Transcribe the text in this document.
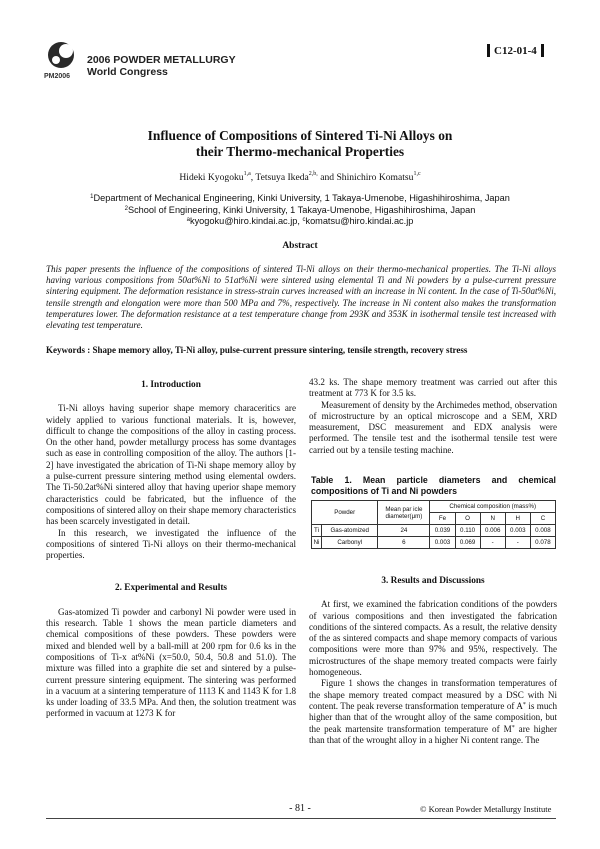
2006 POWDER METALLURGY
World Congress
PM2006
C12-01-4
Influence of Compositions of Sintered Ti-Ni Alloys on
their Thermo-mechanical Properties
Hideki Kyogoku$^{1,a}$, Tetsuya Ikeda$^{2,b,}$ and Shinichiro Komatsu$^{1,c}$
$^1$Department of Mechanical Engineering, Kinki University, 1 Takaya-Umenobe, Higashihiroshima, Japan
$^2$School of Engineering, Kinki University, 1 Takaya-Umenobe, Higashihiroshima, Japan
$^a$kyogoku@hiro.kindai.ac.jp, $^c$komatsu@hiro.kindai.ac.jp
Abstract
This paper presents the influence of the compositions of sintered Ti-Ni alloys on their thermo-mechanical properties. The Ti-Ni alloys having various compositions from 50at%Ni to 51at%Ni were sintered using elemental Ti and Ni powders by a pulse-current pressure sintering equipment. The deformation resistance in stress-strain curves increased with an increase in Ni content. In the case of Ti-50at%Ni, tensile strength and elongation were more than 500 MPa and 7%, respectively. The increase in Ni content also makes the transformation temperatures lower. The deformation resistance at a test temperature change from 293K and 353K in isothermal tensile test increased with elevating test temperature.
Keywords : Shape memory alloy, Ti-Ni alloy, pulse-current pressure sintering, tensile strength, recovery stress
1. Introduction

Ti-Ni alloys having superior shape memory characeritics are widely applied to various functional materials. It is, however, difficult to change the compositions of the alloy in casting process. On the other hand, powder metallurgy process has some dvantages such as ease in controlling composition of the alloy. The authors [1-2] have investigated the abrication of Ti-Ni shape memory alloy by a pulse-current pressure sintering method using elemental owders. The Ti-50.2at%Ni sintered alloy that having uperior shape memory characteristics could be fabricated, but the influence of the compositions of sintered alloy on their shape memory characteristics has been scarcely investigated in detail.

In this research, we investigated the influence of the compositions of sintered Ti-Ni alloys on their thermo-mechanical properties.

2. Experimental and Results

Gas-atomized Ti powder and carbonyl Ni powder were used in this research. Table 1 shows the mean particle diameters and chemical compositions of these powders. These powders were mixed and blended well by a ball-mill at 200 rpm for 0.6 ks in the compositions of Ti-x at%Ni (x=50.0, 50.4, 50.8 and 51.0). The mixture was filled into a graphite die set and sintered by a pulse-current pressure sintering equipment. The sintering was performed in a vacuum at a sintering temperature of 1113 K and 1143 K for 1.8 ks under loading of 33.5 MPa. And then, the solution treatment was performed in vacuum at 1273 K for

43.2 ks. The shape memory treatment was carried out after this treatment at 773 K for 3.5 ks.

Measurement of density by the Archimedes method, observation of microstructure by an optical microscope and a SEM, XRD measurement, DSC measurement and EDX analysis were performed. The tensile test and the isothermal tensile test were carried out by a tensile testing machine.

Table 1. Mean particle diameters and chemical compositions of Ti and Ni powders
Powder		Mean par icle
diameter(μm)	Chemical composition (mass%)				
			Fe	O	N	H	C
Ti	Gas-atomized	24	0.039	0.110	0.006	0.003	0.008
Ni	Carbonyl	6	0.003	0.069	-	-	0.078
3. Results and Discussions

At first, we examined the fabrication conditions of the powders of various compositions and then investigated the fabrication conditions of the sintered compacts. As a result, the relative density of the as sintered compacts and shape memory compacts of various compositions were more than 97% and 95%, respectively. The microstructures of the shape memory treated compacts were fairly homogeneous.

Figure 1 shows the changes in transformation temperatures of the shape memory treated compact measured by a DSC with Ni content. The peak reverse transformation temperature of A* is much higher than that of the wrought alloy of the same composition, but the peak martensite transformation temperature of M* are higher than that of the wrought alloy in a higher Ni content range. The

- 81 -	© Korean Powder Metallurgy Institute
